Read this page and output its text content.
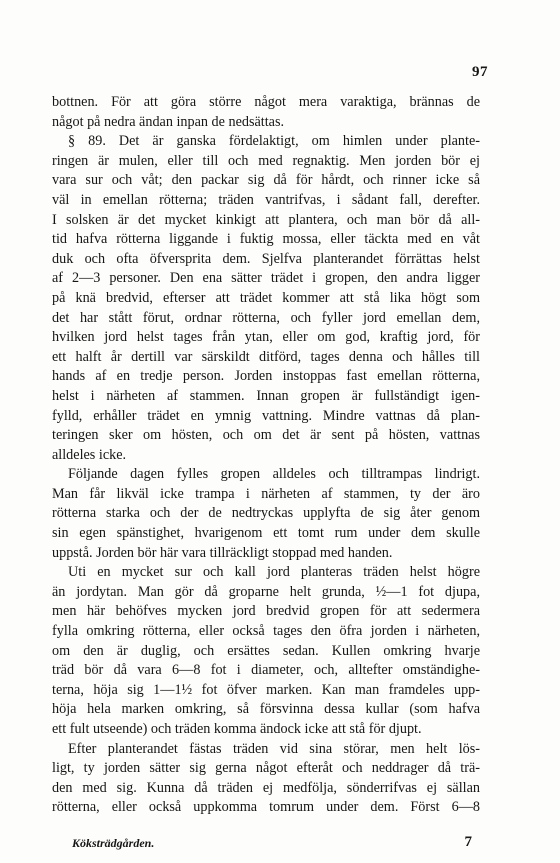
97
bottnen. För att göra större något mera varaktiga, brännas de
något på nedra ändan inpan de nedsättas.
§ 89. Det är ganska fördelaktigt, om himlen under plante-
ringen är mulen, eller till och med regnaktig. Men jorden bör ej
vara sur och våt; den packar sig då för hårdt, och rinner icke så
väl in emellan rötterna; träden vantrifvas, i sådant fall, derefter.
I solsken är det mycket kinkigt att plantera, och man bör då all-
tid hafva rötterna liggande i fuktig mossa, eller täckta med en våt
duk och ofta öfversprita dem. Sjelfva planterandet förrättas helst
af 2—3 personer. Den ena sätter trädet i gropen, den andra ligger
på knä bredvid, efterser att trädet kommer att stå lika högt som
det har stått förut, ordnar rötterna, och fyller jord emellan dem,
hvilken jord helst tages från ytan, eller om god, kraftig jord, för
ett halft år dertill var särskildt ditförd, tages denna och hålles till
hands af en tredje person. Jorden instoppas fast emellan rötterna,
helst i närheten af stammen. Innan gropen är fullständigt igen-
fylld, erhåller trädet en ymnig vattning. Mindre vattnas då plan-
teringen sker om hösten, och om det är sent på hösten, vattnas
alldeles icke.
Följande dagen fylles gropen alldeles och tilltrampas lindrigt.
Man får likväl icke trampa i närheten af stammen, ty der äro
rötterna starka och der de nedtryckas upplyfta de sig åter genom
sin egen spänstighet, hvarigenom ett tomt rum under dem skulle
uppstå. Jorden bör här vara tillräckligt stoppad med handen.
Uti en mycket sur och kall jord planteras träden helst högre
än jordytan. Man gör då groparne helt grunda, ½—1 fot djupa,
men här behöfves mycken jord bredvid gropen för att sedermera
fylla omkring rötterna, eller också tages den öfra jorden i närheten,
om den är duglig, och ersättes sedan. Kullen omkring hvarje
träd bör då vara 6—8 fot i diameter, och, alltefter omständighe-
terna, höja sig 1—1½ fot öfver marken. Kan man framdeles upp-
höja hela marken omkring, så försvinna dessa kullar (som hafva
ett fult utseende) och träden komma ändock icke att stå för djupt.
Efter planterandet fästas träden vid sina störar, men helt lös-
ligt, ty jorden sätter sig gerna något efteråt och neddrager då trä-
den med sig. Kunna då träden ej medfölja, sönderrifvas ej sällan
rötterna, eller också uppkomma tomrum under dem. Först 6—8
Köksträdgården.	7
